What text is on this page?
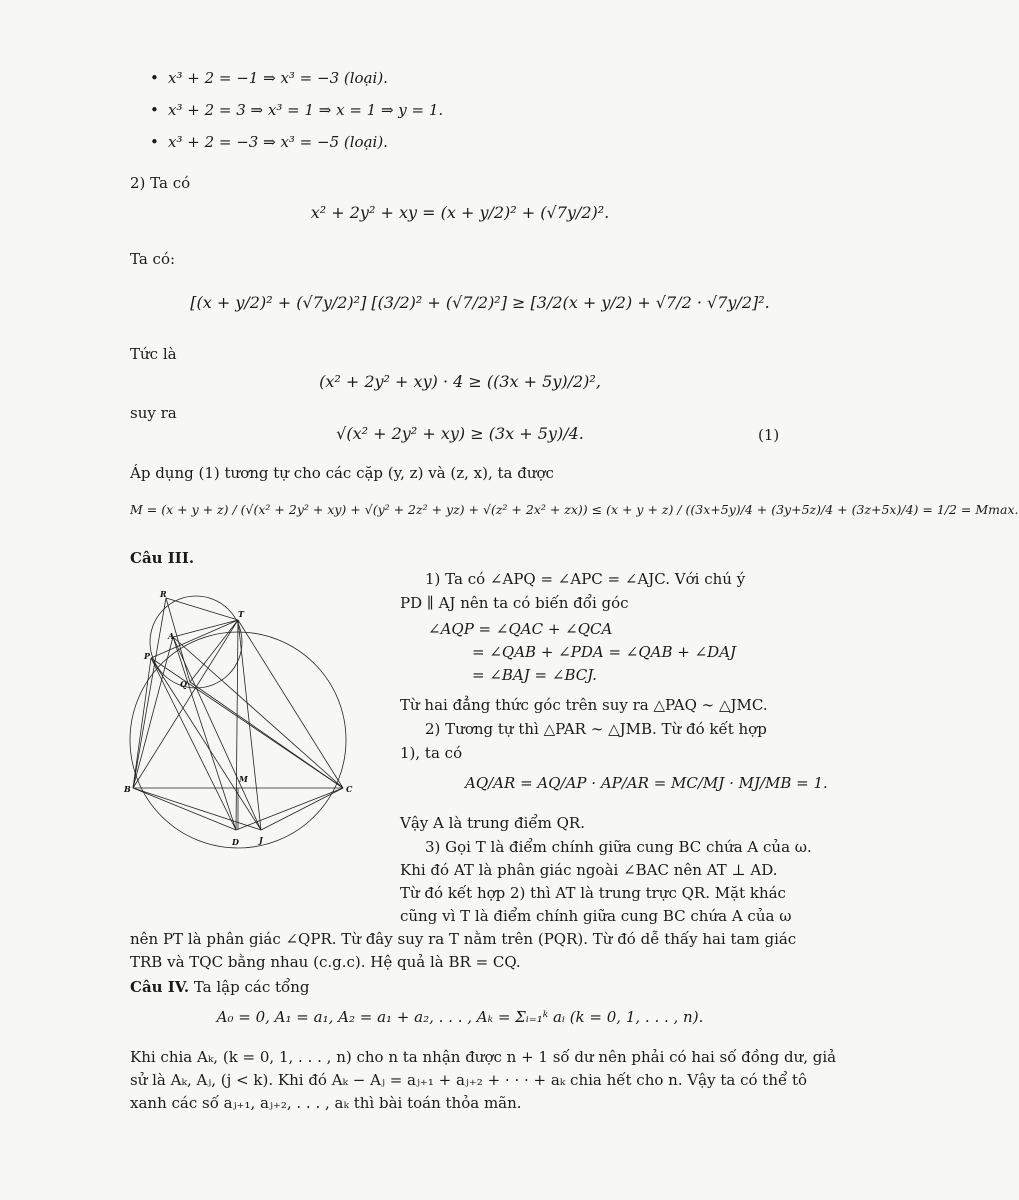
• x³ + 2 = −1 ⇒ x³ = −3 (loại).
• x³ + 2 = 3 ⇒ x³ = 1 ⇒ x = 1 ⇒ y = 1.
• x³ + 2 = −3 ⇒ x³ = −5 (loại).
2) Ta có
x² + 2y² + xy = (x + y/2)² + (√7y/2)².
Ta có:
[(x + y/2)² + (√7y/2)²] [(3/2)² + (√7/2)²] ≥ [3/2(x + y/2) + √7/2 · √7y/2]².
Tức là
(x² + 2y² + xy) · 4 ≥ ((3x + 5y)/2)²,
suy ra
√(x² + 2y² + xy) ≥ (3x + 5y)/4.	(1)
Áp dụng (1) tương tự cho các cặp (y, z) và (z, x), ta được
M = (x + y + z) / (√(x² + 2y² + xy) + √(y² + 2z² + yz) + √(z² + 2x² + zx)) ≤ (x + y + z) / ((3x+5y)/4 + (3y+5z)/4 + (3z+5x)/4) = 1/2 = Mmax.
Câu III.
1) Ta có ∠APQ = ∠APC = ∠AJC. Với chú ý
PD ∥ AJ nên ta có biến đổi góc
∠AQP = ∠QAC + ∠QCA
= ∠QAB + ∠PDA = ∠QAB + ∠DAJ
= ∠BAJ = ∠BCJ.
Từ hai đẳng thức góc trên suy ra △PAQ ∼ △JMC.
2) Tương tự thì △PAR ∼ △JMB. Từ đó kết hợp
1), ta có
AQ/AR = AQ/AP · AP/AR = MC/MJ · MJ/MB = 1.
Vậy A là trung điểm QR.
3) Gọi T là điểm chính giữa cung BC chứa A của ω.
Khi đó AT là phân giác ngoài ∠BAC nên AT ⊥ AD.
Từ đó kết hợp 2) thì AT là trung trực QR. Mặt khác
cũng vì T là điểm chính giữa cung BC chứa A của ω
nên PT là phân giác ∠QPR. Từ đây suy ra T nằm trên (PQR). Từ đó dễ thấy hai tam giác
TRB và TQC bằng nhau (c.g.c). Hệ quả là BR = CQ.
R
T
A
P
Q
M
B	C
D	J
Câu IV. Ta lập các tổng
A₀ = 0, A₁ = a₁, A₂ = a₁ + a₂, . . . , Aₖ = Σᵢ₌₁ᵏ aᵢ (k = 0, 1, . . . , n).
Khi chia Aₖ, (k = 0, 1, . . . , n) cho n ta nhận được n + 1 số dư nên phải có hai số đồng dư, giả
sử là Aₖ, Aⱼ, (j < k). Khi đó Aₖ − Aⱼ = aⱼ₊₁ + aⱼ₊₂ + · · · + aₖ chia hết cho n. Vậy ta có thể tô
xanh các số aⱼ₊₁, aⱼ₊₂, . . . , aₖ thì bài toán thỏa mãn.
